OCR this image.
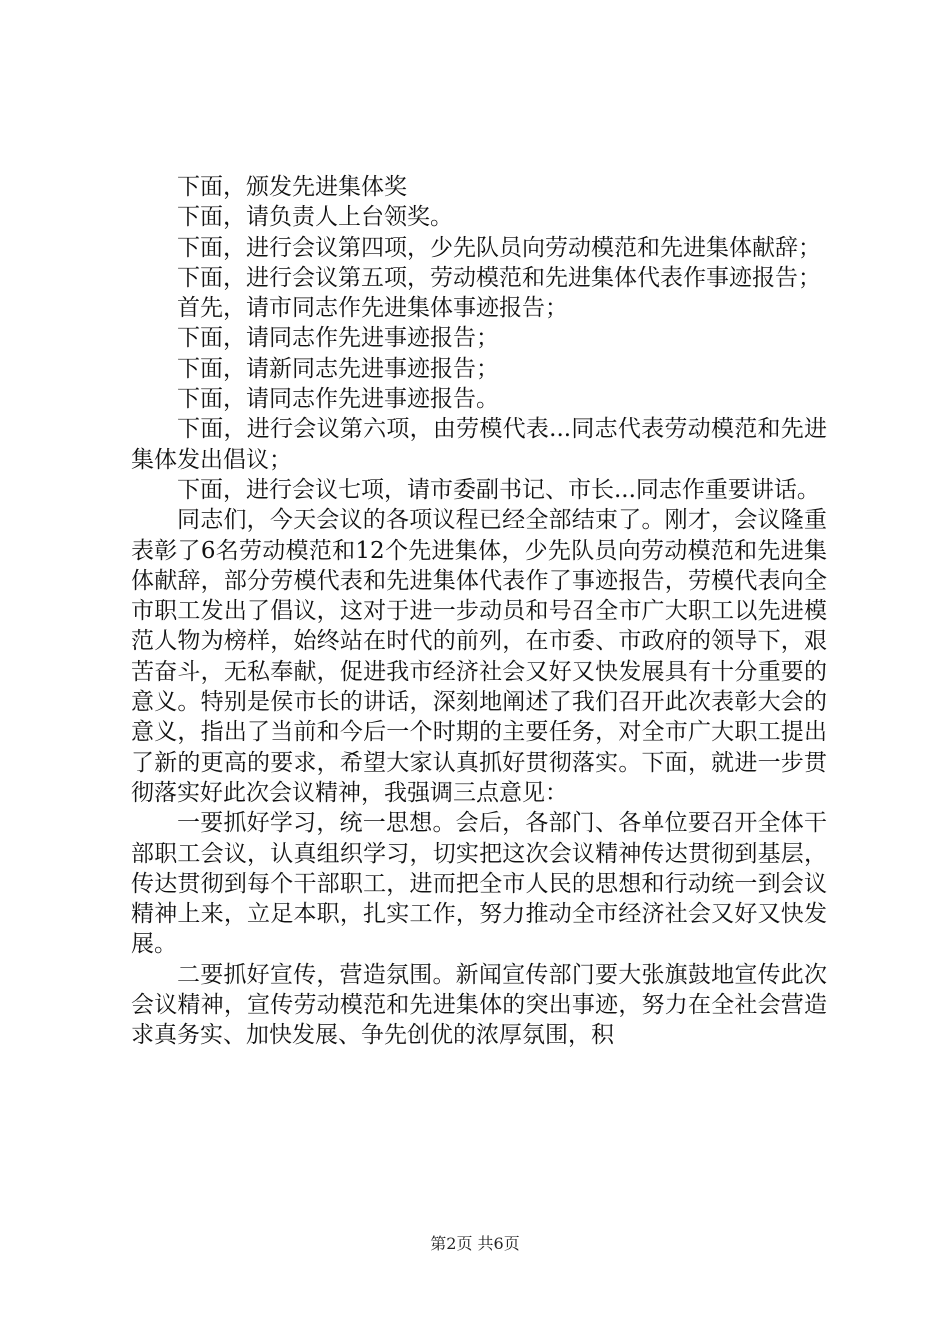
下面，颁发先进集体奖

下面，请负责人上台领奖。

下面，进行会议第四项，少先队员向劳动模范和先进集体献辞；

下面，进行会议第五项，劳动模范和先进集体代表作事迹报告；

首先，请市同志作先进集体事迹报告；

下面，请同志作先进事迹报告；

下面，请新同志先进事迹报告；

下面，请同志作先进事迹报告。

下面，进行会议第六项，由劳模代表...同志代表劳动模范和先进集体发出倡议；

下面，进行会议七项，请市委副书记、市长...同志作重要讲话。

同志们，今天会议的各项议程已经全部结束了。刚才，会议隆重表彰了6名劳动模范和12个先进集体，少先队员向劳动模范和先进集体献辞，部分劳模代表和先进集体代表作了事迹报告，劳模代表向全市职工发出了倡议，这对于进一步动员和号召全市广大职工以先进模范人物为榜样，始终站在时代的前列，在市委、市政府的领导下，艰苦奋斗，无私奉献，促进我市经济社会又好又快发展具有十分重要的意义。特别是侯市长的讲话，深刻地阐述了我们召开此次表彰大会的意义，指出了当前和今后一个时期的主要任务，对全市广大职工提出了新的更高的要求，希望大家认真抓好贯彻落实。下面，就进一步贯彻落实好此次会议精神，我强调三点意见：

一要抓好学习，统一思想。会后，各部门、各单位要召开全体干部职工会议，认真组织学习，切实把这次会议精神传达贯彻到基层，传达贯彻到每个干部职工，进而把全市人民的思想和行动统一到会议精神上来，立足本职，扎实工作，努力推动全市经济社会又好又快发展。

二要抓好宣传，营造氛围。新闻宣传部门要大张旗鼓地宣传此次会议精神，宣传劳动模范和先进集体的突出事迹，努力在全社会营造求真务实、加快发展、争先创优的浓厚氛围，积

第2页 共6页
